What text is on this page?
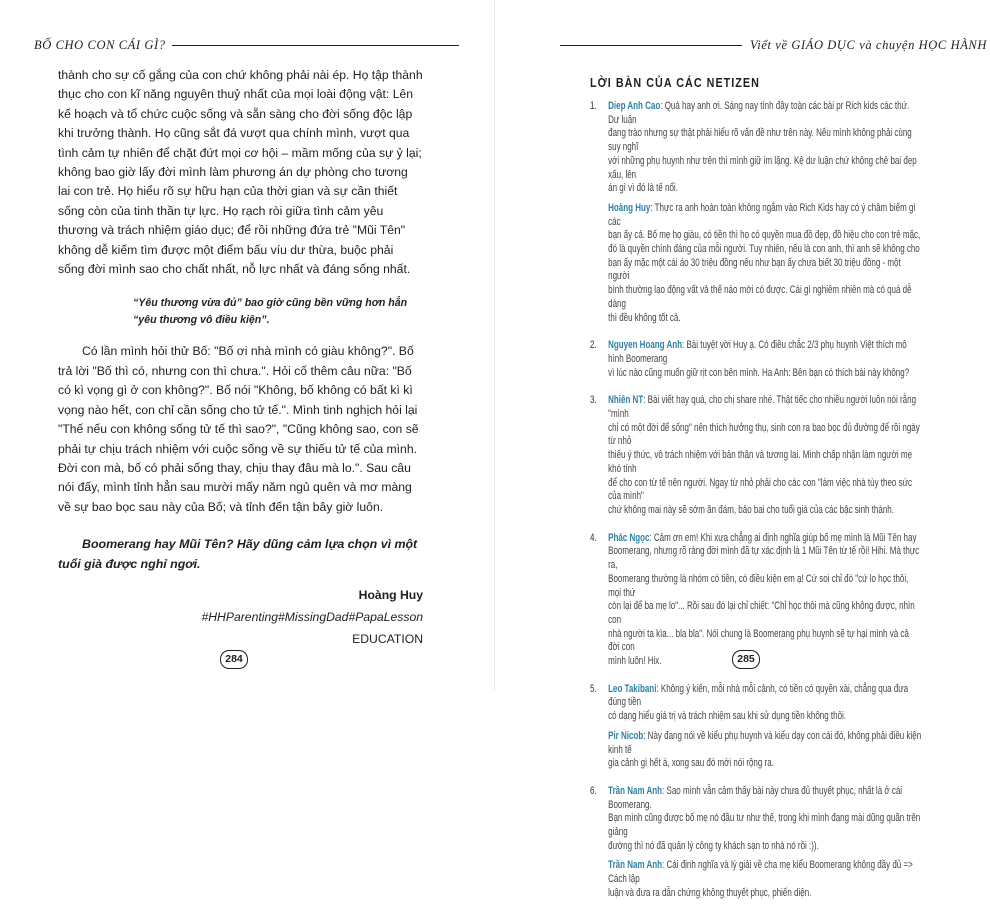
BỐ CHO CON CÁI GÌ?

thành cho sự cố gắng của con chứ không phải nài ép. Họ tập thành thục cho con kĩ năng nguyên thuỷ nhất của mọi loài động vật: Lên kế hoạch và tổ chức cuộc sống và sẵn sàng cho đời sống độc lập khi trưởng thành. Họ cũng sắt đá vượt qua chính mình, vượt qua tình cảm tự nhiên để chặt đứt mọi cơ hội – mầm mống của sự ỷ lại; không bao giờ lấy đời mình làm phương án dự phòng cho tương lai con trẻ. Họ hiểu rõ sự hữu hạn của thời gian và sự cần thiết sống còn của tinh thần tự lực. Họ rạch ròi giữa tình cảm yêu thương và trách nhiệm giáo dục; để rồi những đứa trẻ "Mũi Tên" không dễ kiếm tìm được một điểm bấu víu dư thừa, buộc phải sống đời mình sao cho chất nhất, nỗ lực nhất và đáng sống nhất.

“Yêu thương vừa đủ” bao giờ cũng bền vững hơn hẳn “yêu thương vô điều kiện”.

Có lần mình hỏi thử Bố: "Bố ơi nhà mình có giàu không?". Bố trả lời "Bố thì có, nhưng con thì chưa.". Hỏi cố thêm câu nữa: "Bố có kì vọng gì ở con không?". Bố nói "Không, bố không có bất kì kì vọng nào hết, con chỉ cần sống cho tử tế.". Mình tinh nghịch hỏi lại "Thế nếu con không sống tử tế thì sao?", "Cũng không sao, con sẽ phải tự chịu trách nhiệm với cuộc sống về sự thiếu tử tế của mình. Đời con mà, bố có phải sống thay, chịu thay đâu mà lo.". Sau câu nói đấy, mình tỉnh hẳn sau mười mấy năm ngủ quên và mơ màng về sự bao bọc sau này của Bố; và tỉnh đến tận bây giờ luôn.

Boomerang hay Mũi Tên? Hãy dũng cảm lựa chọn vì một tuổi già được nghỉ ngơi.

Hoàng Huy

#HHParenting#MissingDad#PapaLesson

EDUCATION

284
Viết về GIÁO DỤC và chuyện HỌC HÀNH
LỜI BÀN CỦA CÁC NETIZEN
1. Diep Anh Cao: Quá hay anh ơi. Sáng nay tình đây toàn các bài pr Rich kids các thứ. Dư luận

đang trào nhưng sự thật phải hiểu rõ vấn đề như trên này. Nếu mình không phải cùng suy nghĩ

với những phụ huynh như trên thì mình giữ im lặng. Kệ dư luận chứ không chê bai đẹp xấu, lên

án gì vì đó là tế nổi.

Hoàng Huy: Thực ra anh hoàn toàn không ngắm vào Rich Kids hay có ý châm biếm gì các

bạn ấy cả. Bố mẹ họ giàu, có tiền thì họ có quyền mua đồ đẹp, đồ hiệu cho con trẻ mặc,

đó là quyền chính đáng của mỗi người. Tuy nhiên, nếu là con anh, thì anh sẽ không cho

bạn ấy mặc một cái áo 30 triệu đồng nếu như bạn ấy chưa biết 30 triệu đồng - một người

bình thường lao động vất vả thế nào mới có được. Cái gì nghiêm nhiên mà có quá dễ dàng

thì đều không tốt cả.

2. Nguyen Hoang Anh: Bài tuyệt vời Huy ạ. Có điều chắc 2/3 phụ huynh Việt thích mô hình Boomerang

vì lúc nào cũng muốn giữ rịt con bên mình. Ha Anh: Bên bạn có thích bài này không?

3. Nhiên NT: Bài viết hay quá, cho chị share nhé. Thật tiếc cho nhiều người luôn nói rằng "mình

chỉ có một đời để sống" nên thích hưởng thụ, sinh con ra bao bọc đủ đường để rồi ngày từ nhỏ

thiếu ý thức, vô trách nhiệm với bản thân và tương lai. Mình chấp nhận làm người mẹ khó tính

để cho con từ tế nên người. Ngay từ nhỏ phải cho các con "làm việc nhà tùy theo sức của mình"

chứ không mai này sẽ sớm ăn đám, bảo bai cho tuổi già của các bậc sinh thành.

4. Phác Ngọc: Cảm ơn em! Khi xưa chẳng ai định nghĩa giúp bố mẹ mình là Mũi Tên hay

Boomerang, nhưng rõ ràng đời mình đã tự xác định là 1 Mũi Tên từ tế rồi! Hihi. Mà thực ra,

Boomerang thường là nhóm có tiền, có điều kiện em ạ! Cứ soi chỉ đó "cứ lo học thôi, mọi thứ

còn lại để ba mẹ lo"... Rồi sau đó lại chỉ chiết: "Chỉ học thôi mà cũng không được, nhìn con

nhà người ta kìa... bla bla". Nói chung là Boomerang phụ huynh sẽ tự hại mình và cả đời con

mình luôn! Hix.

5. Leo Takibani: Không ý kiến, mỗi nhà mỗi cảnh, có tiền có quyền xài, chẳng qua đưa đúng tiền

có dạng hiểu giá trị và trách nhiệm sau khi sử dụng tiền không thôi.

Pir Nicob: Này đang nói về kiểu phụ huynh và kiểu dạy con cái đó, không phải điều kiện kinh tế

gia cảnh gì hết á, xong sau đó mới nói rộng ra.

6. Trần Nam Anh: Sao mình vẫn cảm thấy bài này chưa đủ thuyết phục, nhất là ở cái Boomerang.

Bạn mình cũng được bố mẹ nó đầu tư như thế, trong khi mình đang mài dũng quần trên giảng

đường thì nó đã quản lý công ty khách sạn to nhà nó rồi :)).

Trần Nam Anh: Cái định nghĩa và lý giải về cha mẹ kiểu Boomerang không đầy đủ => Cách lập

luận và đưa ra dẫn chứng không thuyết phục, phiến diện.

285
